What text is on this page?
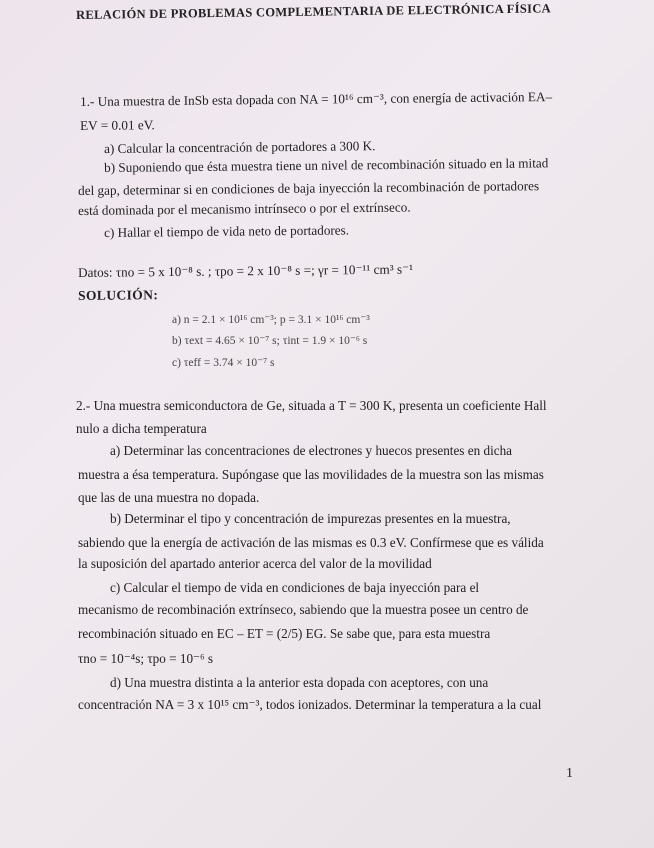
RELACIÓN DE PROBLEMAS COMPLEMENTARIA DE ELECTRÓNICA FÍSICA
1.- Una muestra de InSb esta dopada con NA = 10¹⁶ cm⁻³, con energía de activación EA–
EV = 0.01 eV.
a) Calcular la concentración de portadores a 300 K.
b) Suponiendo que ésta muestra tiene un nivel de recombinación situado en la mitad
del gap, determinar si en condiciones de baja inyección la recombinación de portadores
está dominada por el mecanismo intrínseco o por el extrínseco.
c) Hallar el tiempo de vida neto de portadores.
Datos: τno = 5 x 10⁻⁸ s. ; τpo = 2 x 10⁻⁸ s =; γr = 10⁻¹¹ cm³ s⁻¹
SOLUCIÓN:
a) n = 2.1 × 10¹⁶ cm⁻³; p = 3.1 × 10¹⁶ cm⁻³
b) τext = 4.65 × 10⁻⁷ s; τint = 1.9 × 10⁻⁶ s
c) τeff = 3.74 × 10⁻⁷ s
2.- Una muestra semiconductora de Ge, situada a T = 300 K, presenta un coeficiente Hall
nulo a dicha temperatura
a) Determinar las concentraciones de electrones y huecos presentes en dicha
muestra a ésa temperatura. Supóngase que las movilidades de la muestra son las mismas
que las de una muestra no dopada.
b) Determinar el tipo y concentración de impurezas presentes en la muestra,
sabiendo que la energía de activación de las mismas es 0.3 eV. Confírmese que es válida
la suposición del apartado anterior acerca del valor de la movilidad
c) Calcular el tiempo de vida en condiciones de baja inyección para el
mecanismo de recombinación extrínseco, sabiendo que la muestra posee un centro de
recombinación situado en EC – ET = (2/5) EG. Se sabe que, para esta muestra
τno = 10⁻⁴s; τpo = 10⁻⁶ s
d) Una muestra distinta a la anterior esta dopada con aceptores, con una
concentración NA = 3 x 10¹⁵ cm⁻³, todos ionizados. Determinar la temperatura a la cual
1
